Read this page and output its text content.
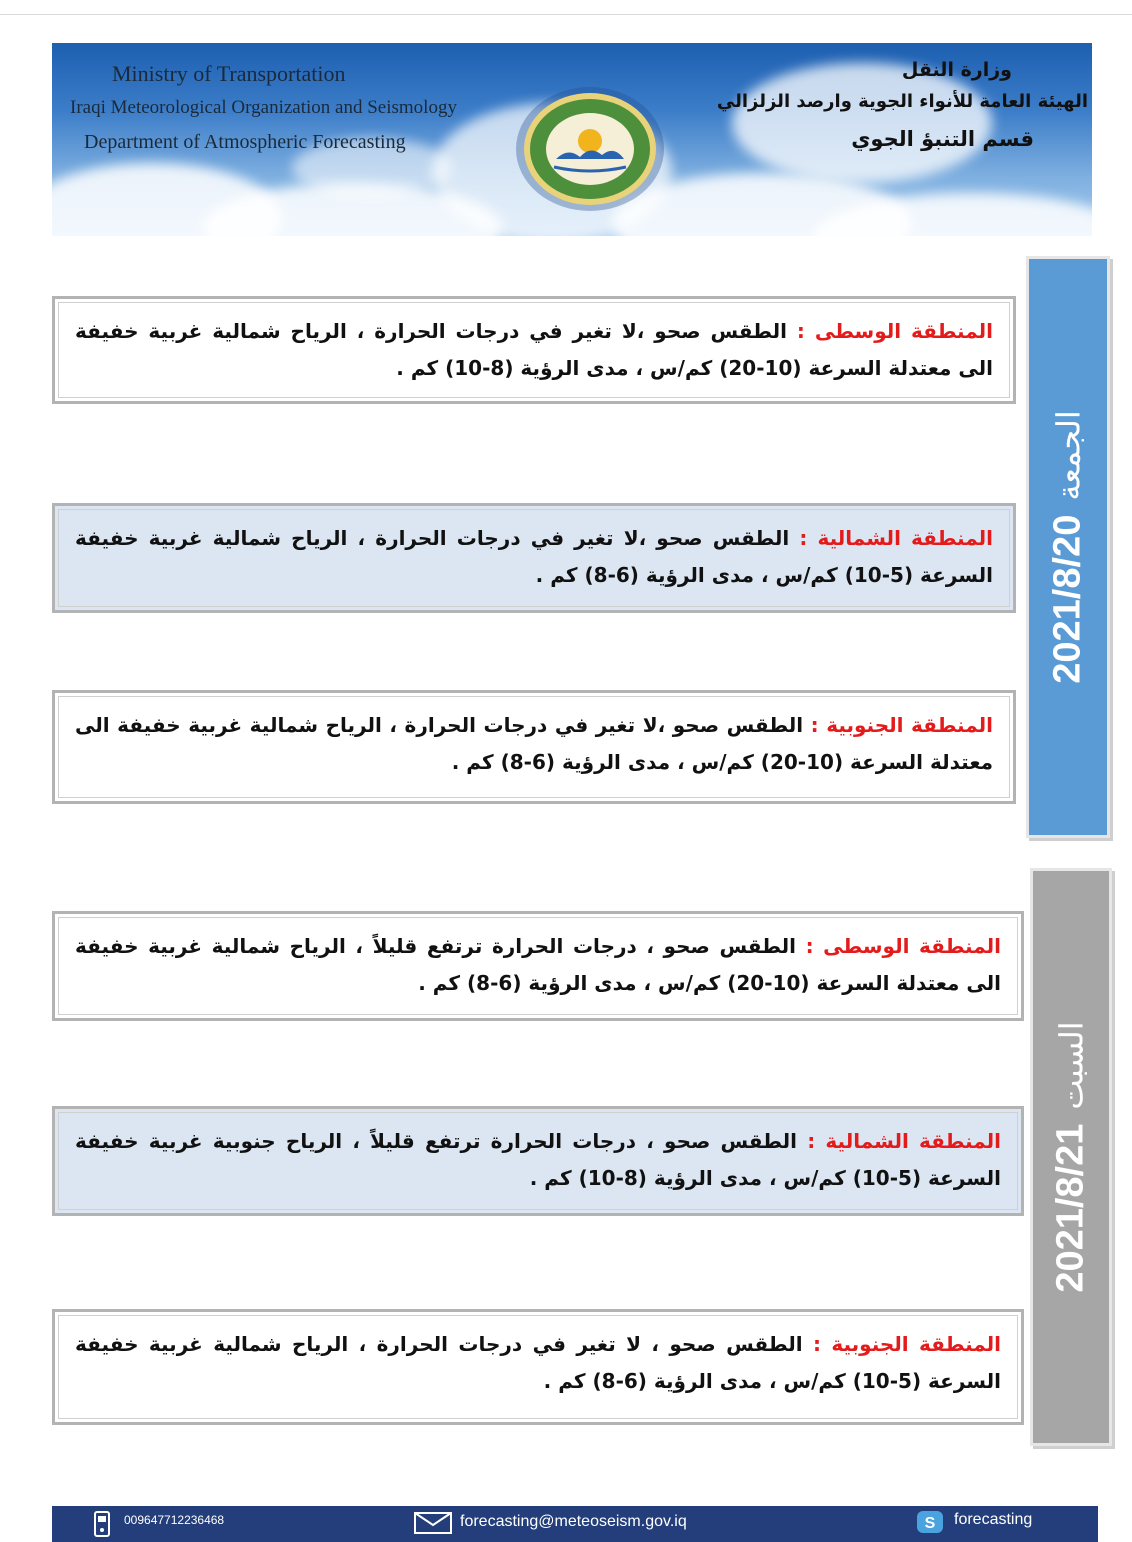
Ministry of Transportation
Iraqi Meteorological Organization and Seismology
Department of Atmospheric Forecasting
وزارة النقل
الهيئة العامة للأنواء الجوية وارصد الزلزالي
قسم التنبؤ الجوي
الجمعة2021/8/20
السبت2021/8/21
المنطقة الوسطى : الطقس صحو ،لا تغير في درجات الحرارة ، الرياح شمالية غربية خفيفة الى معتدلة السرعة (10-20) كم/س ، مدى الرؤية (8-10) كم .
المنطقة الشمالية : الطقس صحو ،لا تغير في درجات الحرارة ، الرياح شمالية غربية خفيفة السرعة (5-10) كم/س ، مدى الرؤية (6-8) كم .
المنطقة الجنوبية : الطقس صحو ،لا تغير في درجات الحرارة ، الرياح شمالية غربية خفيفة الى معتدلة السرعة (10-20) كم/س ، مدى الرؤية (6-8) كم .
المنطقة الوسطى : الطقس صحو ، درجات الحرارة ترتفع قليلاً ، الرياح شمالية غربية خفيفة الى معتدلة السرعة (10-20) كم/س ، مدى الرؤية (6-8) كم .
المنطقة الشمالية : الطقس صحو ، درجات الحرارة ترتفع قليلاً ، الرياح جنوبية غربية خفيفة السرعة (5-10) كم/س ، مدى الرؤية (8-10) كم .
المنطقة الجنوبية : الطقس صحو ، لا تغير في درجات الحرارة ، الرياح شمالية غربية خفيفة السرعة (5-10) كم/س ، مدى الرؤية (6-8) كم .
009647712236468	forecasting@meteoseism.gov.iq	S forecasting
